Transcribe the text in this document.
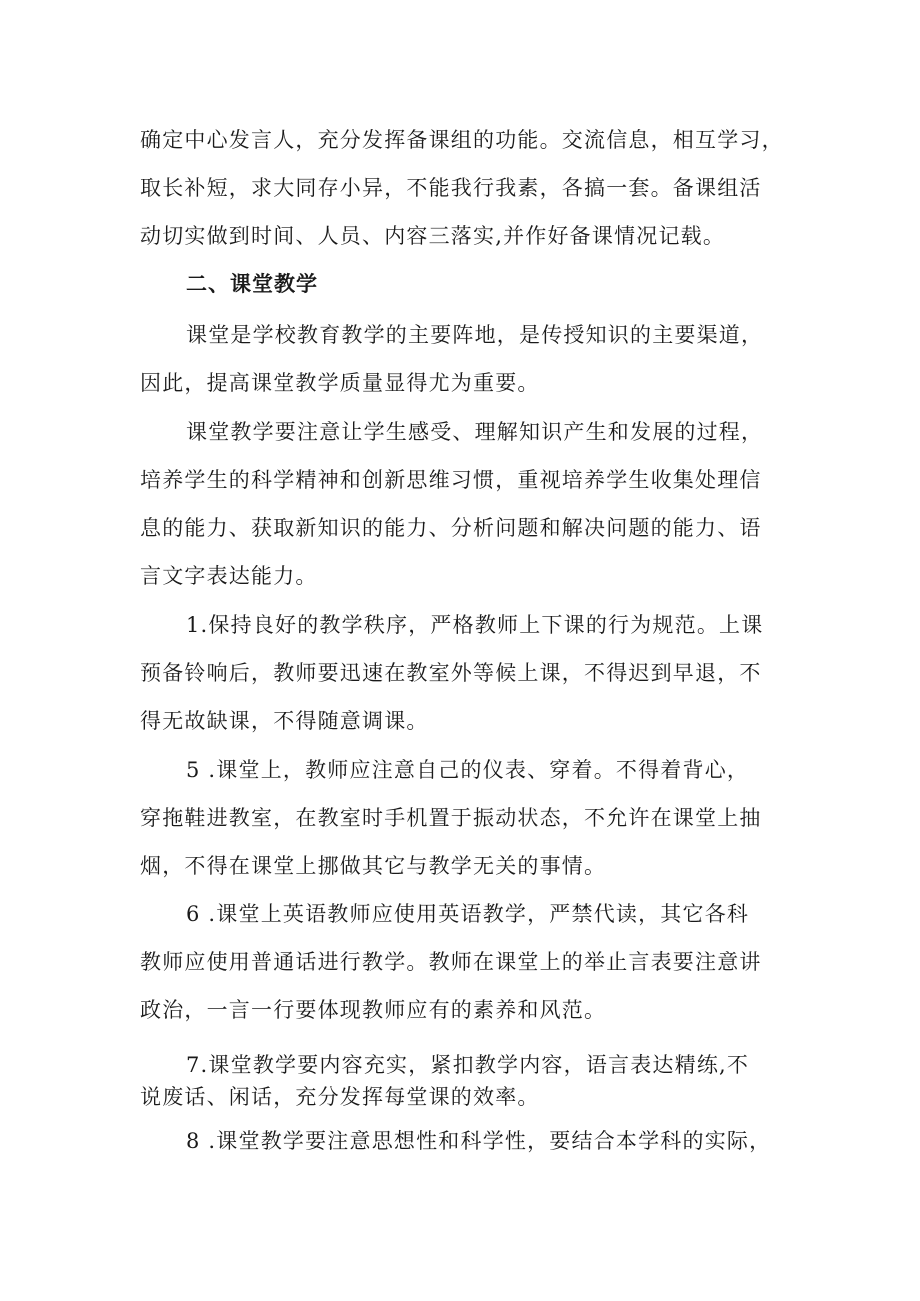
确定中心发言人，充分发挥备课组的功能。交流信息，相互学习，
取长补短，求大同存小异，不能我行我素，各搞一套。备课组活
动切实做到时间、人员、内容三落实,并作好备课情况记载。
二、课堂教学
课堂是学校教育教学的主要阵地，是传授知识的主要渠道，
因此，提高课堂教学质量显得尤为重要。
课堂教学要注意让学生感受、理解知识产生和发展的过程，
培养学生的科学精神和创新思维习惯，重视培养学生收集处理信
息的能力、获取新知识的能力、分析问题和解决问题的能力、语
言文字表达能力。
1.保持良好的教学秩序，严格教师上下课的行为规范。上课
预备铃响后，教师要迅速在教室外等候上课，不得迟到早退，不
得无故缺课，不得随意调课。
5 .课堂上，教师应注意自己的仪表、穿着。不得着背心，
穿拖鞋进教室，在教室时手机置于振动状态，不允许在课堂上抽
烟，不得在课堂上挪做其它与教学无关的事情。
6 .课堂上英语教师应使用英语教学，严禁代读，其它各科
教师应使用普通话进行教学。教师在课堂上的举止言表要注意讲
政治，一言一行要体现教师应有的素养和风范。
7.课堂教学要内容充实，紧扣教学内容，语言表达精练,不
说废话、闲话，充分发挥每堂课的效率。
8 .课堂教学要注意思想性和科学性，要结合本学科的实际，
